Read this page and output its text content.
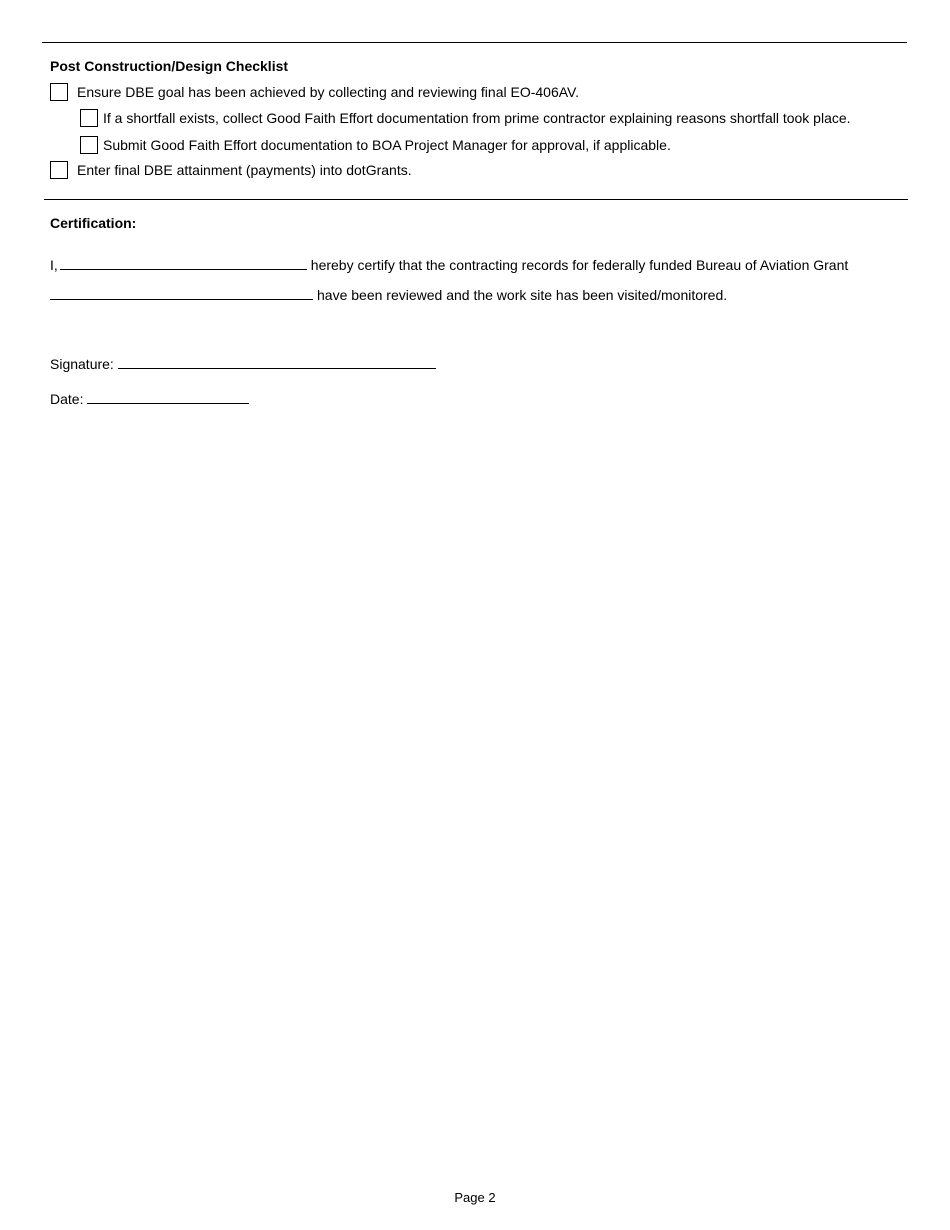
Post Construction/Design Checklist
Ensure DBE goal has been achieved by collecting and reviewing final EO-406AV.
If a shortfall exists, collect Good Faith Effort documentation from prime contractor explaining reasons shortfall took place.
Submit Good Faith Effort documentation to BOA Project Manager for approval, if applicable.
Enter final DBE attainment (payments) into dotGrants.
Certification:
I,	hereby certify that the contracting records for federally funded Bureau of Aviation Grant
have been reviewed and the work site has been visited/monitored.
Signature:
Date:
Page 2
